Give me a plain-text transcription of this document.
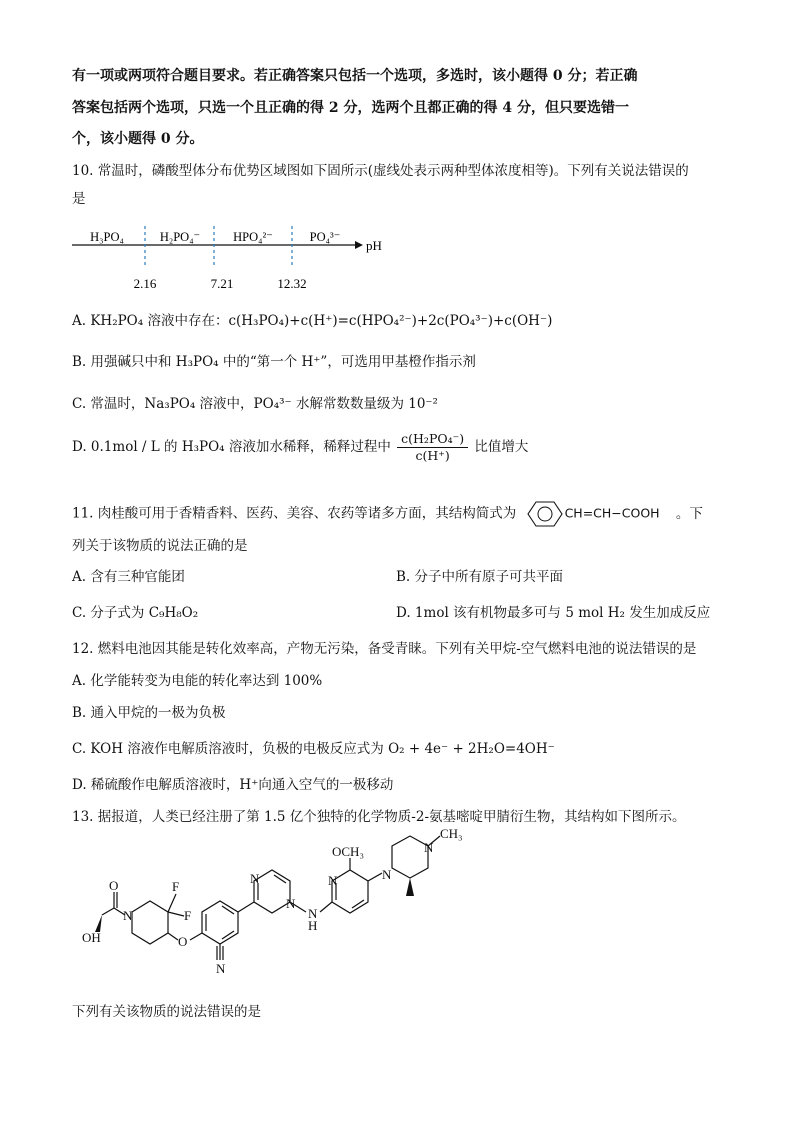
有一项或两项符合题目要求。若正确答案只包括一个选项，多选时，该小题得 0 分；若正确
答案包括两个选项，只选一个且正确的得 2 分，选两个且都正确的得 4 分，但只要选错一
个，该小题得 0 分。
10. 常温时，磷酸型体分布优势区域图如下固所示(虚线处表示两种型体浓度相等)。下列有关说法错误的
是
H₃PO₄	H₂PO₄⁻	HPO₄²⁻	PO₄³⁻
pH
2.16	7.21	12.32
A. KH₂PO₄ 溶液中存在：c(H₃PO₄)+c(H⁺)=c(HPO₄²⁻)+2c(PO₄³⁻)+c(OH⁻)
B. 用强碱只中和 H₃PO₄ 中的“第一个 H⁺”，可选用甲基橙作指示剂
C. 常温时，Na₃PO₄ 溶液中，PO₄³⁻ 水解常数数量级为 10⁻²
D. 0.1mol / L 的 H₃PO₄ 溶液加水稀释，稀释过程中 $\frac{\text{c(H₂PO₄⁻)}}{c(H^+)}$ 比值增大
11. 肉桂酸可用于香精香料、医药、美容、农药等诸多方面，其结构简式为	CH=CH−COOH 。下
列关于该物质的说法正确的是
A. 含有三种官能团	B. 分子中所有原子可共平面
C. 分子式为 C₉H₈O₂	D. 1mol 该有机物最多可与 5 mol H₂ 发生加成反应
12. 燃料电池因其能是转化效率高，产物无污染，备受青睐。下列有关甲烷-空气燃料电池的说法错误的是
A. 化学能转变为电能的转化率达到 100%
B. 通入甲烷的一极为负极
C. KOH 溶液作电解质溶液时，负极的电极反应式为 O₂ + 4e⁻ + 2H₂O=4OH⁻
D. 稀硫酸作电解质溶液时，H⁺向通入空气的一极移动
13. 据报道，人类已经注册了第 1.5 亿个独特的化学物质-2-氨基嘧啶甲腈衍生物，其结构如下图所示。
O
N
F
F
OH	O
N
N
N
H
N
OCH₃
N	N
N
CH₃
下列有关该物质的说法错误的是
